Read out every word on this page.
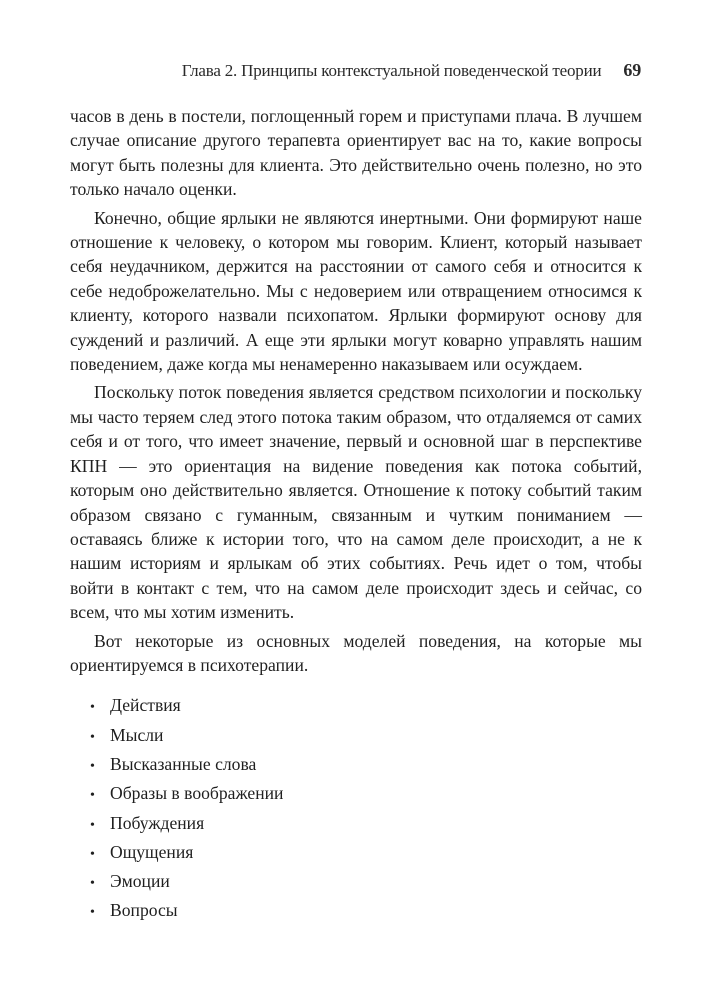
Глава 2. Принципы контекстуальной поведенческой теории 69

часов в день в постели, поглощенный горем и приступами плача. В лучшем случае описание другого терапевта ориентирует вас на то, какие вопросы могут быть полезны для клиента. Это действительно очень полезно, но это только начало оценки.

Конечно, общие ярлыки не являются инертными. Они формируют наше отношение к человеку, о котором мы говорим. Клиент, который называет себя неудачником, держится на расстоянии от самого себя и относится к себе недоброжелательно. Мы с недоверием или отвращением относимся к клиенту, которого назвали психопатом. Ярлыки формируют основу для суждений и различий. А еще эти ярлыки могут коварно управлять нашим поведением, даже когда мы ненамеренно наказываем или осуждаем.

Поскольку поток поведения является средством психологии и поскольку мы часто теряем след этого потока таким образом, что отдаляемся от самих себя и от того, что имеет значение, первый и основной шаг в перспективе КПН — это ориентация на видение поведения как потока событий, которым оно действительно является. Отношение к потоку событий таким образом связано с гуманным, связанным и чутким пониманием — оставаясь ближе к истории того, что на самом деле происходит, а не к нашим историям и ярлыкам об этих событиях. Речь идет о том, чтобы войти в контакт с тем, что на самом деле происходит здесь и сейчас, со всем, что мы хотим изменить.

Вот некоторые из основных моделей поведения, на которые мы ориентируемся в психотерапии.

• Действия
• Мысли
• Высказанные слова
• Образы в воображении
• Побуждения
• Ощущения
• Эмоции
• Вопросы
